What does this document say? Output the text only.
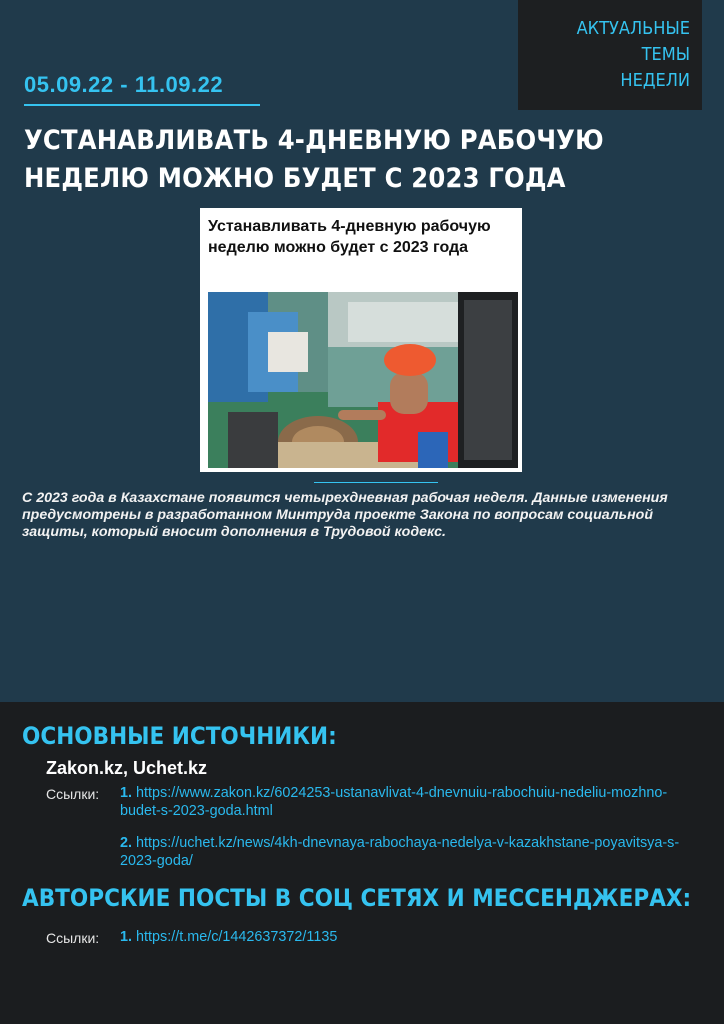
АКТУАЛЬНЫЕ ТЕМЫ
НЕДЕЛИ
05.09.22 - 11.09.22
УСТАНАВЛИВАТЬ 4-ДНЕВНУЮ РАБОЧУЮ НЕДЕЛЮ МОЖНО БУДЕТ С 2023 ГОДА
Устанавливать 4-дневную рабочую неделю можно будет с 2023 года
С 2023 года в Казахстане появится четырехдневная рабочая неделя. Данные изменения предусмотрены в разработанном Минтруда проекте Закона по вопросам социальной защиты, который вносит дополнения в Трудовой кодекс.
ОСНОВНЫЕ ИСТОЧНИКИ:
Zakon.kz, Uchet.kz
Ссылки: 1. https://www.zakon.kz/6024253-ustanavlivat-4-dnevnuiu-rabochuiu-nedeliu-mozhno-budet-s-2023-goda.html
2. https://uchet.kz/news/4kh-dnevnaya-rabochaya-nedelya-v-kazakhstane-poyavitsya-s-2023-goda/
АВТОРСКИЕ ПОСТЫ В СОЦ СЕТЯХ И МЕССЕНДЖЕРАХ:
Ссылки: 1. https://t.me/c/1442637372/1135
